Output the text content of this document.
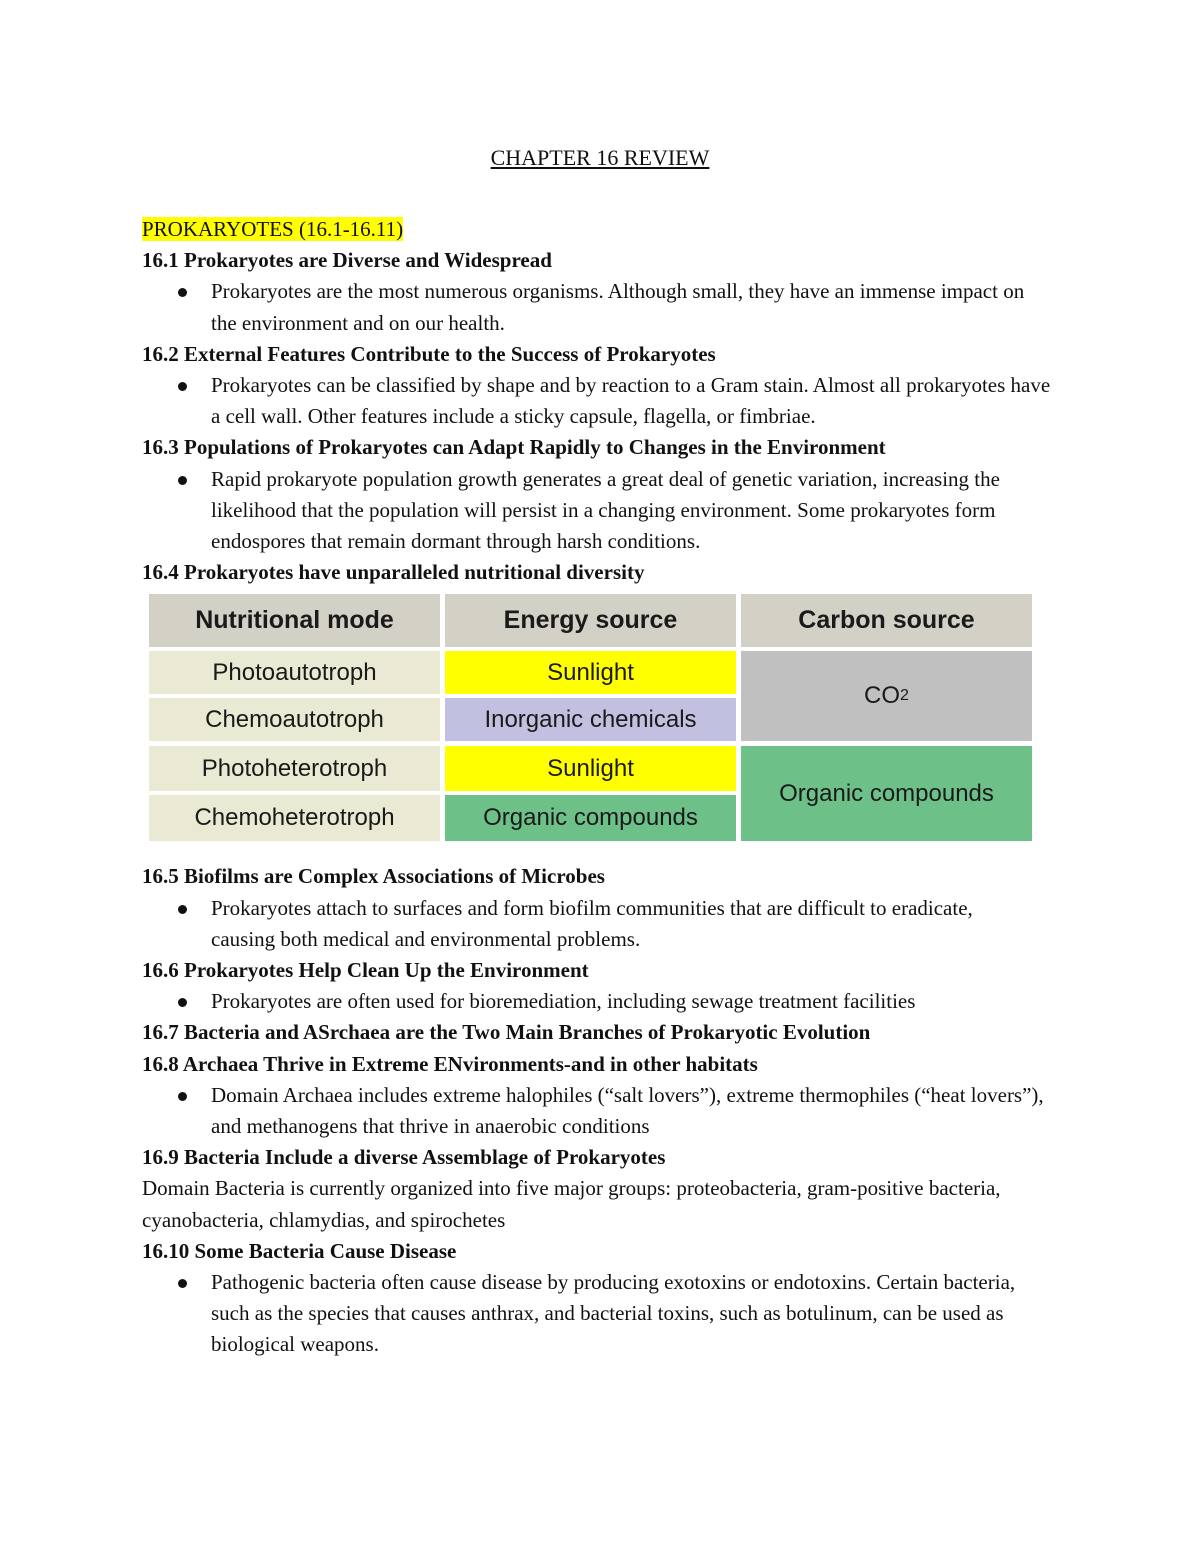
CHAPTER 16 REVIEW
PROKARYOTES (16.1-16.11)
16.1 Prokaryotes are Diverse and Widespread
Prokaryotes are the most numerous organisms. Although small, they have an immense impact on the environment and on our health.
16.2 External Features Contribute to the Success of Prokaryotes
Prokaryotes can be classified by shape and by reaction to a Gram stain. Almost all prokaryotes have a cell wall. Other features include a sticky capsule, flagella, or fimbriae.
16.3 Populations of Prokaryotes can Adapt Rapidly to Changes in the Environment
Rapid prokaryote population growth generates a great deal of genetic variation, increasing the likelihood that the population will persist in a changing environment. Some prokaryotes form endospores that remain dormant through harsh conditions.
16.4 Prokaryotes have unparalleled nutritional diversity
Nutritional mode	Energy source	Carbon source
Photoautotroph
Chemoautotroph
Photoheterotroph
Chemoheterotroph
Sunlight
Inorganic chemicals
Sunlight
Organic compounds
CO 2
Organic compounds
16.5 Biofilms are Complex Associations of Microbes
Prokaryotes attach to surfaces and form biofilm communities that are difficult to eradicate, causing both medical and environmental problems.
16.6 Prokaryotes Help Clean Up the Environment
Prokaryotes are often used for bioremediation, including sewage treatment facilities
16.7 Bacteria and ASrchaea are the Two Main Branches of Prokaryotic Evolution
16.8 Archaea Thrive in Extreme ENvironments-and in other habitats
Domain Archaea includes extreme halophiles (“salt lovers”), extreme thermophiles (“heat lovers”), and methanogens that thrive in anaerobic conditions
16.9 Bacteria Include a diverse Assemblage of Prokaryotes
Domain Bacteria is currently organized into five major groups: proteobacteria, gram-positive bacteria, cyanobacteria, chlamydias, and spirochetes
16.10 Some Bacteria Cause Disease
Pathogenic bacteria often cause disease by producing exotoxins or endotoxins. Certain bacteria, such as the species that causes anthrax, and bacterial toxins, such as botulinum, can be used as biological weapons.
